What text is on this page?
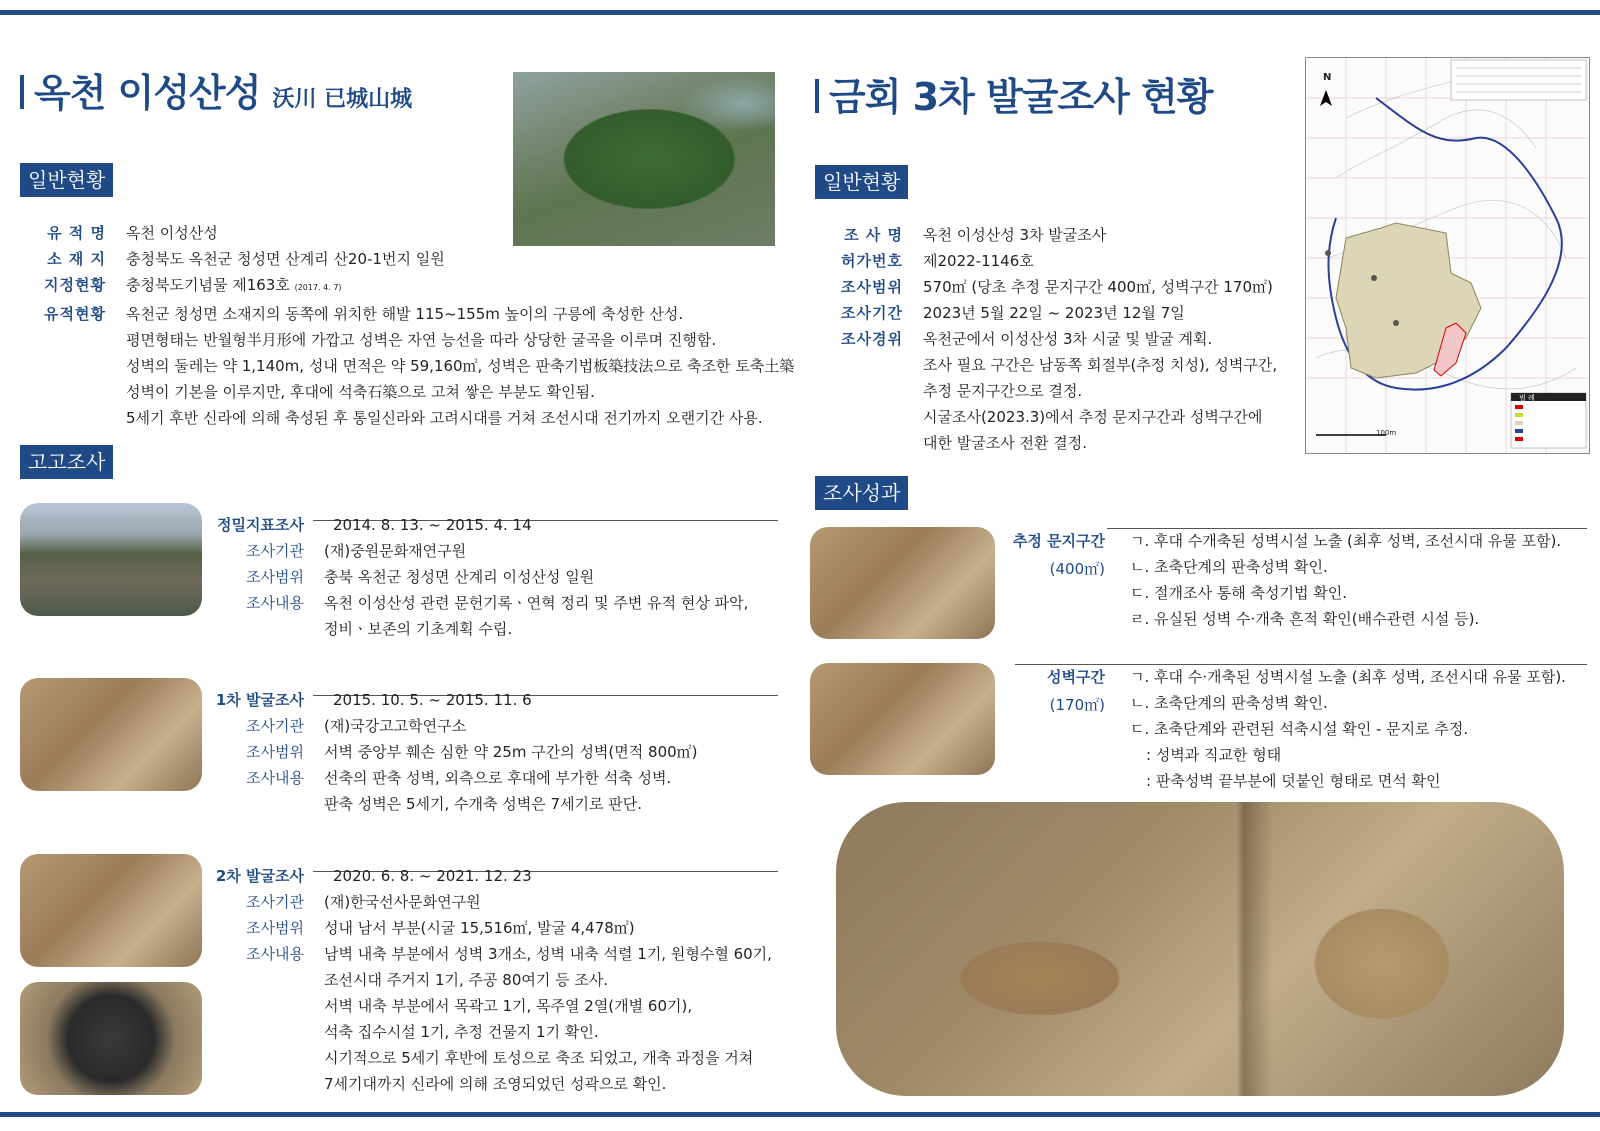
옥천 이성산성 沃川 已城山城
일반현황
유 적 명	옥천 이성산성
소 재 지	충청북도 옥천군 청성면 산계리 산20-1번지 일원
지정현황	충청북도기념물 제163호 (2017. 4. 7)
유적현황	옥천군 청성면 소재지의 동쪽에 위치한 해발 115~155m 높이의 구릉에 축성한 산성.
평면형태는 반월형半月形에 가깝고 성벽은 자연 능선을 따라 상당한 굴곡을 이루며 진행함.
성벽의 둘레는 약 1,140m, 성내 면적은 약 59,160㎡, 성벽은 판축기법板築技法으로 축조한 토축土築
성벽이 기본을 이루지만, 후대에 석축石築으로 고쳐 쌓은 부분도 확인됨.
5세기 후반 신라에 의해 축성된 후 통일신라와 고려시대를 거쳐 조선시대 전기까지 오랜기간 사용.
고고조사
정밀지표조사 2014. 8. 13. ~ 2015. 4. 14
조사기관	(재)중원문화재연구원
조사범위	충북 옥천군 청성면 산계리 이성산성 일원
조사내용	옥천 이성산성 관련 문헌기록ㆍ연혁 정리 및 주변 유적 현상 파악,
정비ㆍ보존의 기초계획 수립.
1차 발굴조사 2015. 10. 5. ~ 2015. 11. 6
조사기관	(재)국강고고학연구소
조사범위	서벽 중앙부 훼손 심한 약 25m 구간의 성벽(면적 800㎡)
조사내용	선축의 판축 성벽, 외측으로 후대에 부가한 석축 성벽.
판축 성벽은 5세기, 수개축 성벽은 7세기로 판단.
2차 발굴조사 2020. 6. 8. ~ 2021. 12. 23
조사기관	(재)한국선사문화연구원
조사범위	성내 남서 부분(시굴 15,516㎡, 발굴 4,478㎡)
조사내용	남벽 내축 부분에서 성벽 3개소, 성벽 내축 석렬 1기, 원형수혈 60기,
조선시대 주거지 1기, 주공 80여기 등 조사.
서벽 내축 부분에서 목곽고 1기, 목주열 2열(개별 60기),
석축 집수시설 1기, 추정 건물지 1기 확인.
시기적으로 5세기 후반에 토성으로 축조 되었고, 개축 과정을 거쳐
7세기대까지 신라에 의해 조영되었던 성곽으로 확인.
금회 3차 발굴조사 현황
일반현황
조 사 명	옥천 이성산성 3차 발굴조사
허가번호	제2022-1146호
조사범위	570㎡ (당초 추정 문지구간 400㎡, 성벽구간 170㎡)
조사기간	2023년 5월 22일 ~ 2023년 12월 7일
조사경위	옥천군에서 이성산성 3차 시굴 및 발굴 계획.
조사 필요 구간은 남동쪽 회절부(추정 치성), 성벽구간,
추정 문지구간으로 결정.
시굴조사(2023.3)에서 추정 문지구간과 성벽구간에
대한 발굴조사 전환 결정.
범 례
100m
N
조사성과
추정 문지구간
(400㎡)
ㄱ. 후대 수개축된 성벽시설 노출 (최후 성벽, 조선시대 유물 포함).
ㄴ. 초축단계의 판축성벽 확인.
ㄷ. 절개조사 통해 축성기법 확인.
ㄹ. 유실된 성벽 수·개축 흔적 확인(배수관련 시설 등).
성벽구간
(170㎡)
ㄱ. 후대 수·개축된 성벽시설 노출 (최후 성벽, 조선시대 유물 포함).
ㄴ. 초축단계의 판축성벽 확인.
ㄷ. 초축단계와 관련된 석축시설 확인 - 문지로 추정.
: 성벽과 직교한 형태
: 판축성벽 끝부분에 덧붙인 형태로 면석 확인
